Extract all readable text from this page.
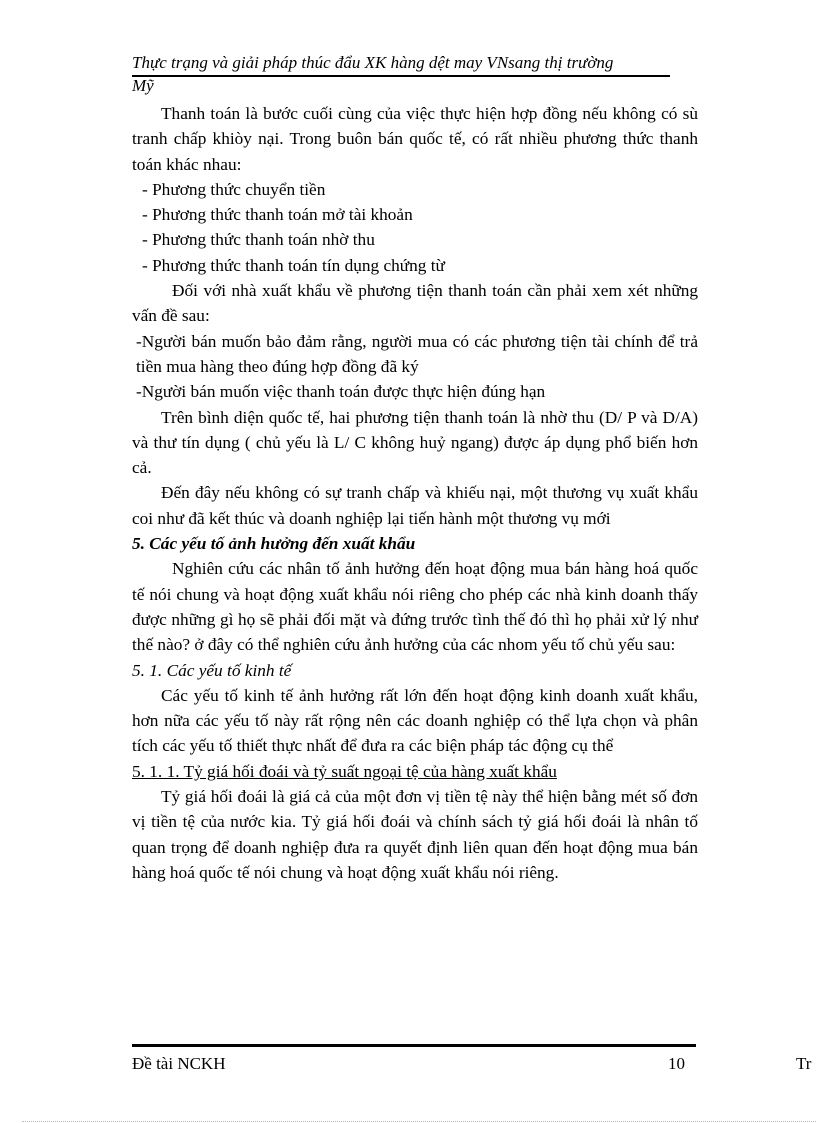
Thực trạng và giải pháp thúc đẩu XK hàng dệt may VNsang thị trường
Mỹ

Thanh toán là bước cuối cùng của việc thực hiện hợp đồng nếu không có sù tranh chấp khiòy nại. Trong buôn bán quốc tế, có rất nhiều phương thức thanh toán khác nhau:

- Phương thức chuyển tiền

- Phương thức thanh toán mở tài khoản

- Phương thức thanh toán nhờ thu

- Phương thức thanh toán tín dụng chứng từ

Đối với nhà xuất khẩu về phương tiện thanh toán cần phải xem xét những vấn đề sau:

-Người bán muốn bảo đảm rằng, người mua có các phương tiện tài chính để trả tiền mua hàng theo đúng hợp đồng đã ký

-Người bán muốn việc thanh toán được thực hiện đúng hạn

Trên bình diện quốc tế, hai phương tiện thanh toán là nhờ thu (D/ P và D/A) và thư tín dụng ( chủ yếu là L/ C không huỷ ngang) được áp dụng phổ biến hơn cả.

Đến đây nếu không có sự tranh chấp và khiếu nại, một thương vụ xuất khẩu coi như đã kết thúc và doanh nghiệp lại tiến hành một thương vụ mới

5. Các yếu tố ảnh hưởng đến xuất khẩu

Nghiên cứu các nhân tố ảnh hưởng đến hoạt động mua bán hàng hoá quốc tế nói chung và hoạt động xuất khẩu nói riêng cho phép các nhà kinh doanh thấy được những gì họ sẽ phải đối mặt và đứng trước tình thế đó thì họ phải xử lý như thế nào? ở đây có thể nghiên cứu ảnh hưởng của các nhom yếu tố chủ yếu sau:

5. 1. Các yếu tố kinh tế

Các yếu tố kinh tế ảnh hưởng rất lớn đến hoạt động kinh doanh xuất khẩu, hơn nữa các yếu tố này rất rộng nên các doanh nghiệp có thể lựa chọn và phân tích các yếu tố thiết thực nhất để đưa ra các biện pháp tác động cụ thể

5. 1. 1. Tỷ giá hối đoái và tỷ suất ngoại tệ của hàng xuất khẩu

Tỷ giá hối đoái là giá cả của một đơn vị tiền tệ này thể hiện bằng mét số đơn vị tiền tệ của nước kia. Tỷ giá hối đoái và chính sách tỷ giá hối đoái là nhân tố quan trọng để doanh nghiệp đưa ra quyết định liên quan đến hoạt động mua bán hàng hoá quốc tế nói chung và hoạt động xuất khẩu nói riêng.

Đề tài NCKH	10	Tr
